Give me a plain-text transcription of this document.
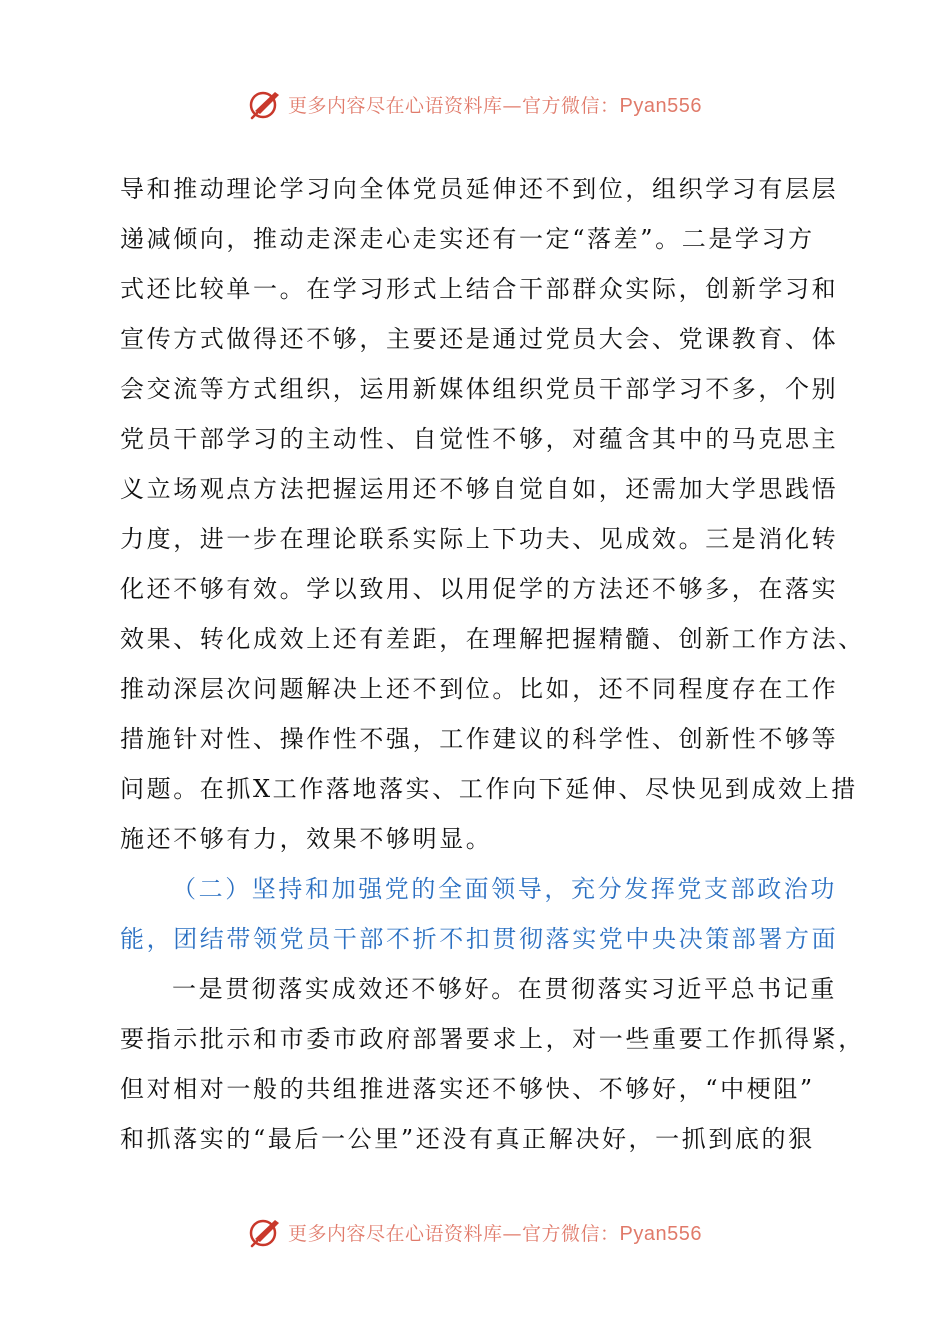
更多内容尽在心语资料库—官方微信：Pyan556
导和推动理论学习向全体党员延伸还不到位，组织学习有层层
递减倾向，推动走深走心走实还有一定“落差”。二是学习方
式还比较单一。在学习形式上结合干部群众实际，创新学习和
宣传方式做得还不够，主要还是通过党员大会、党课教育、体
会交流等方式组织，运用新媒体组织党员干部学习不多，个别
党员干部学习的主动性、自觉性不够，对蕴含其中的马克思主
义立场观点方法把握运用还不够自觉自如，还需加大学思践悟
力度，进一步在理论联系实际上下功夫、见成效。三是消化转
化还不够有效。学以致用、以用促学的方法还不够多，在落实
效果、转化成效上还有差距，在理解把握精髓、创新工作方法、
推动深层次问题解决上还不到位。比如，还不同程度存在工作
措施针对性、操作性不强，工作建议的科学性、创新性不够等
问题。在抓X工作落地落实、工作向下延伸、尽快见到成效上措
施还不够有力，效果不够明显。
（二）坚持和加强党的全面领导，充分发挥党支部政治功
能，团结带领党员干部不折不扣贯彻落实党中央决策部署方面
一是贯彻落实成效还不够好。在贯彻落实习近平总书记重
要指示批示和市委市政府部署要求上，对一些重要工作抓得紧，
但对相对一般的共组推进落实还不够快、不够好，“中梗阻”
和抓落实的“最后一公里”还没有真正解决好，一抓到底的狠
更多内容尽在心语资料库—官方微信：Pyan556
